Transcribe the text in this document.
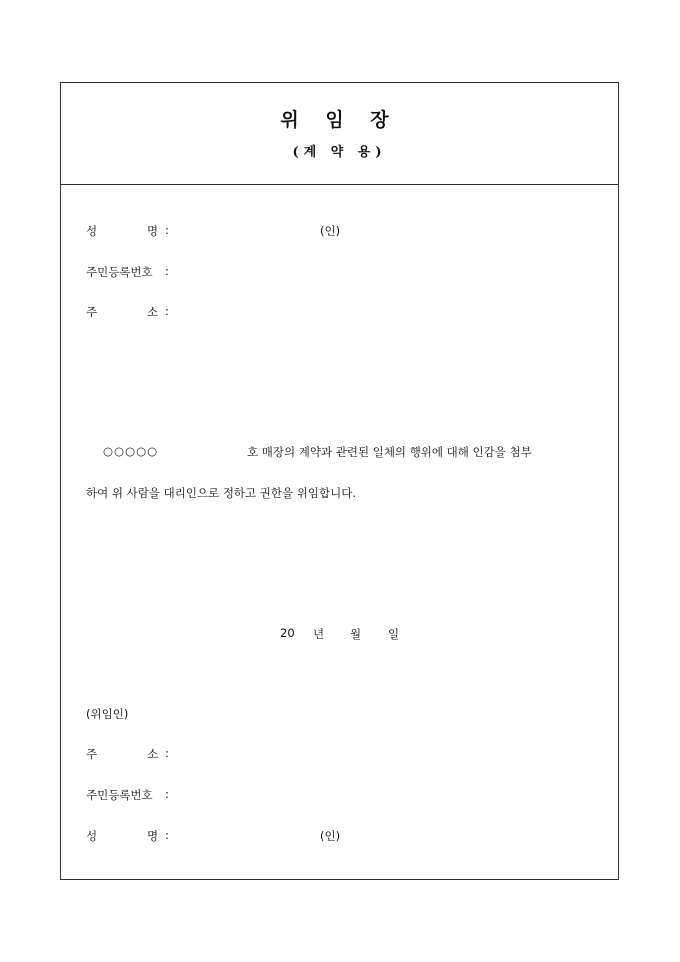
위 임 장
(계 약 용)
성	명 :	(인)
주민등록번호 :
주	소 :
○○○○○	호 매장의 계약과 관련된 일체의 행위에 대해 인감을 첨부
하여 위 사람을 대리인으로 정하고 권한을 위임합니다.
20 년 월 일
(위임인)
주	소 :
주민등록번호 :
성	명 :	(인)
